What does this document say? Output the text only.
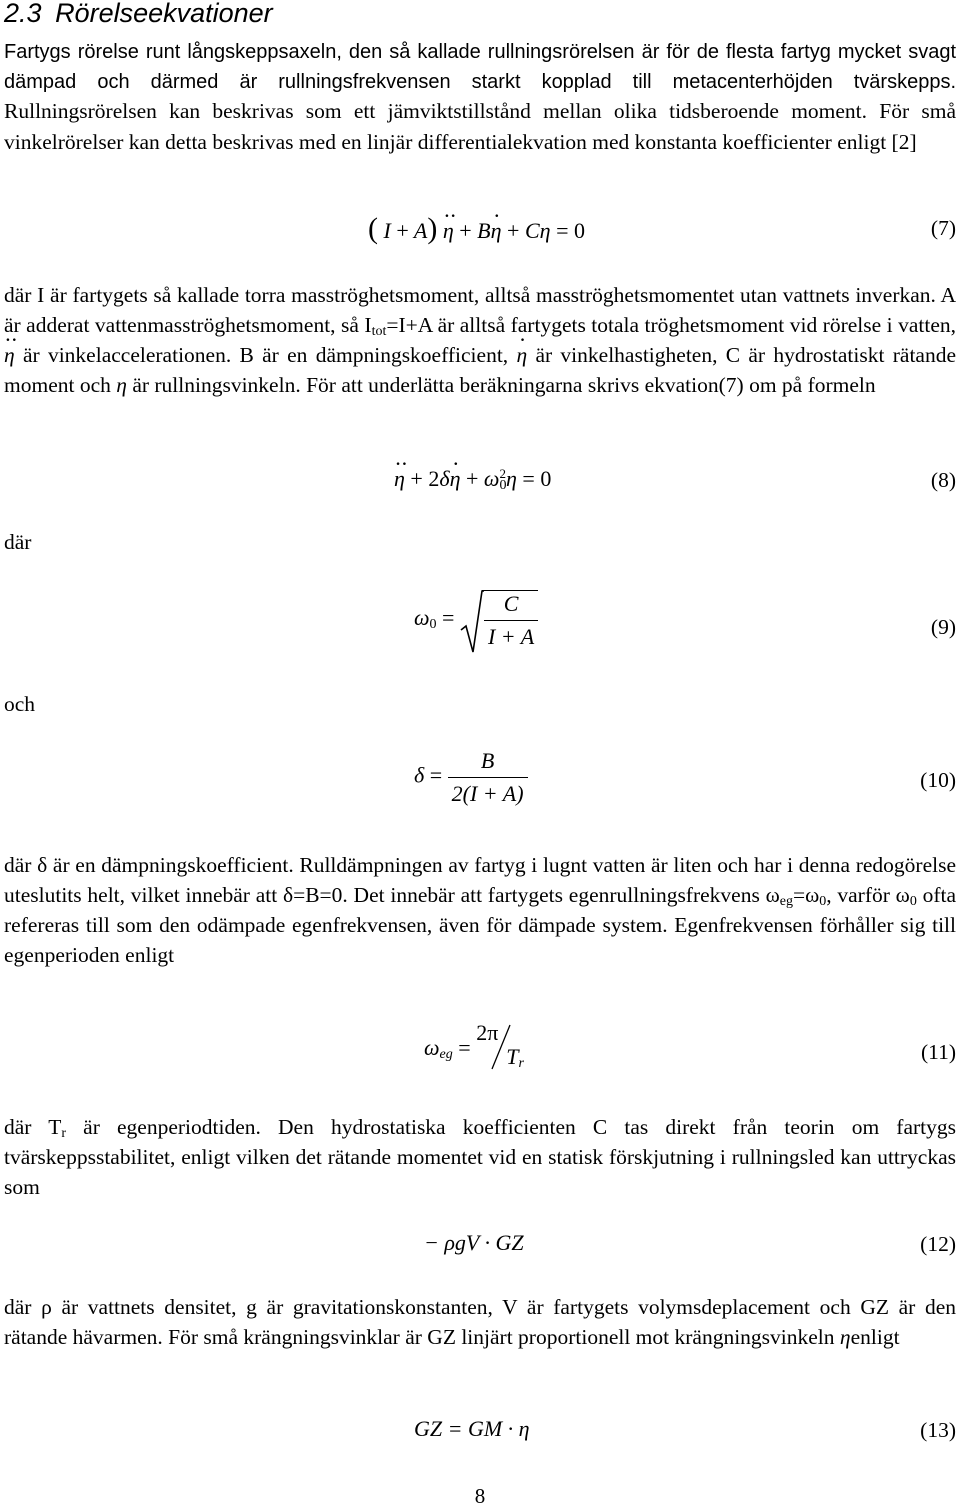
2.3 Rörelseekvationer

Fartygs rörelse runt långskeppsaxeln, den så kallade rullningsrörelsen är för de flesta fartyg mycket svagt dämpad och därmed är rullningsfrekvensen starkt kopplad till metacenterhöjden tvärskepps. Rullningsrörelsen kan beskrivas som ett jämviktstillstånd mellan olika tidsberoende moment. För små vinkelrörelser kan detta beskrivas med en linjär differentialekvation med konstanta koefficienter enligt [2]

( I + A) η ·· + Bη · + Cη = 0	(7)

där I är fartygets så kallade torra masströghetsmoment, alltså masströghetsmomentet utan vattnets inverkan. A är adderat vattenmasströghetsmoment, så $I_{tot}=I+A$ är alltså fartygets totala tröghetsmoment vid rörelse i vatten, η ·· är vinkelaccelerationen. B är en dämpningskoefficient, η · är vinkelhastigheten, C är hydrostatiskt rätande moment och η är rullningsvinkeln. För att underlätta beräkningarna skrivs ekvation(7) om på formeln

η ·· + 2δη · + $\omega_0^2\eta = 0$	(8)
där
$\omega_0 = \frac{C}{I + A}$	(9)
och
$\delta = \frac{B}{2(I + A)}$	(10)

där δ är en dämpningskoefficient. Rulldämpningen av fartyg i lugnt vatten är liten och har i denna redogörelse uteslutits helt, vilket innebär att δ=B=0. Det innebär att fartygets egenrullningsfrekvens $\omega_{eg}=\omega_0$, varför $\omega_0$ ofta refereras till som den odämpade egenfrekvensen, även för dämpade system. Egenfrekvensen förhåller sig till egenperioden enligt

$\omega_{eg}$ =
2π
$T_r$	(11)

där $T_r$ är egenperiodtiden. Den hydrostatiska koefficienten C tas direkt från teorin om fartygs tvärskeppsstabilitet, enligt vilken det rätande momentet vid en statisk förskjutning i rullningsled kan uttryckas som

− ρgV · GZ	(12)

där ρ är vattnets densitet, g är gravitationskonstanten, V är fartygets volymsdeplacement och GZ är den rätande hävarmen. För små krängningsvinklar är GZ linjärt proportionell mot krängningsvinkeln ηenligt

GZ = GM · η	(13)
8
